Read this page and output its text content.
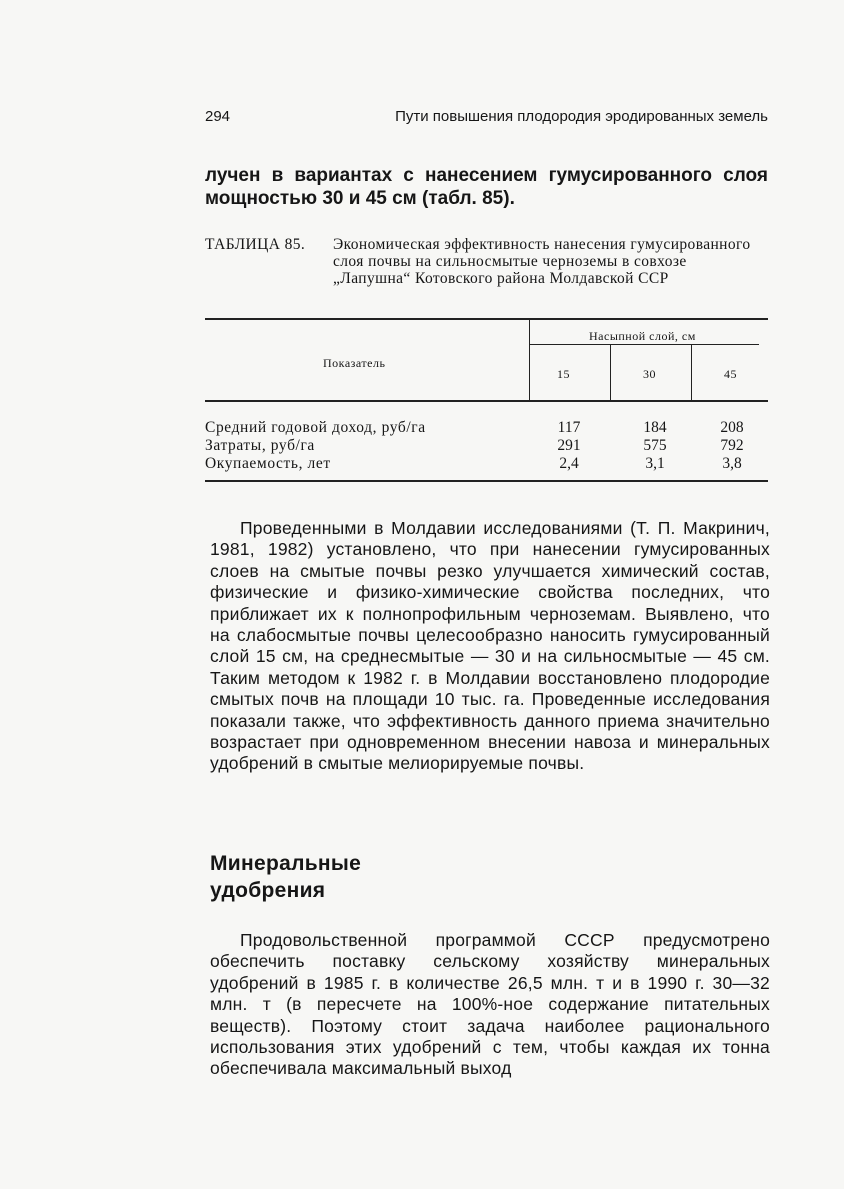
294	Пути повышения плодородия эродированных земель

лучен в вариантах с нанесением гумусированного слоя мощностью 30 и 45 см (табл. 85).

ТАБЛИЦА 85. Экономическая эффективность нанесения гумусированного слоя почвы на сильносмытые черноземы в совхозе „Лапушна“ Котовского района Молдавской ССР
Показатель
Насыпной слой, см
15	30	45
Средний годовой доход, руб/га	117	184	208
Затраты, руб/га	291	575	792
Окупаемость, лет	2,4	3,1	3,8

Проведенными в Молдавии исследованиями (Т. П. Макринич, 1981, 1982) установлено, что при нанесении гумусированных слоев на смытые почвы резко улучшается химический состав, физические и физико-химические свойства последних, что приближает их к полнопрофильным черноземам. Выявлено, что на слабосмытые почвы целесообразно наносить гумусированный слой 15 см, на среднесмытые — 30 и на сильносмытые — 45 см. Таким методом к 1982 г. в Молдавии восстановлено плодородие смытых почв на площади 10 тыс. га. Проведенные исследования показали также, что эффективность данного приема значительно возрастает при одновременном внесении навоза и минеральных удобрений в смытые мелиорируемые почвы.

Минеральные
удобрения

Продовольственной программой СССР предусмотрено обеспечить поставку сельскому хозяйству минеральных удобрений в 1985 г. в количестве 26,5 млн. т и в 1990 г. 30—32 млн. т (в пересчете на 100%-ное содержание питательных веществ). Поэтому стоит задача наиболее рационального использования этих удобрений с тем, чтобы каждая их тонна обеспечивала максимальный выход
